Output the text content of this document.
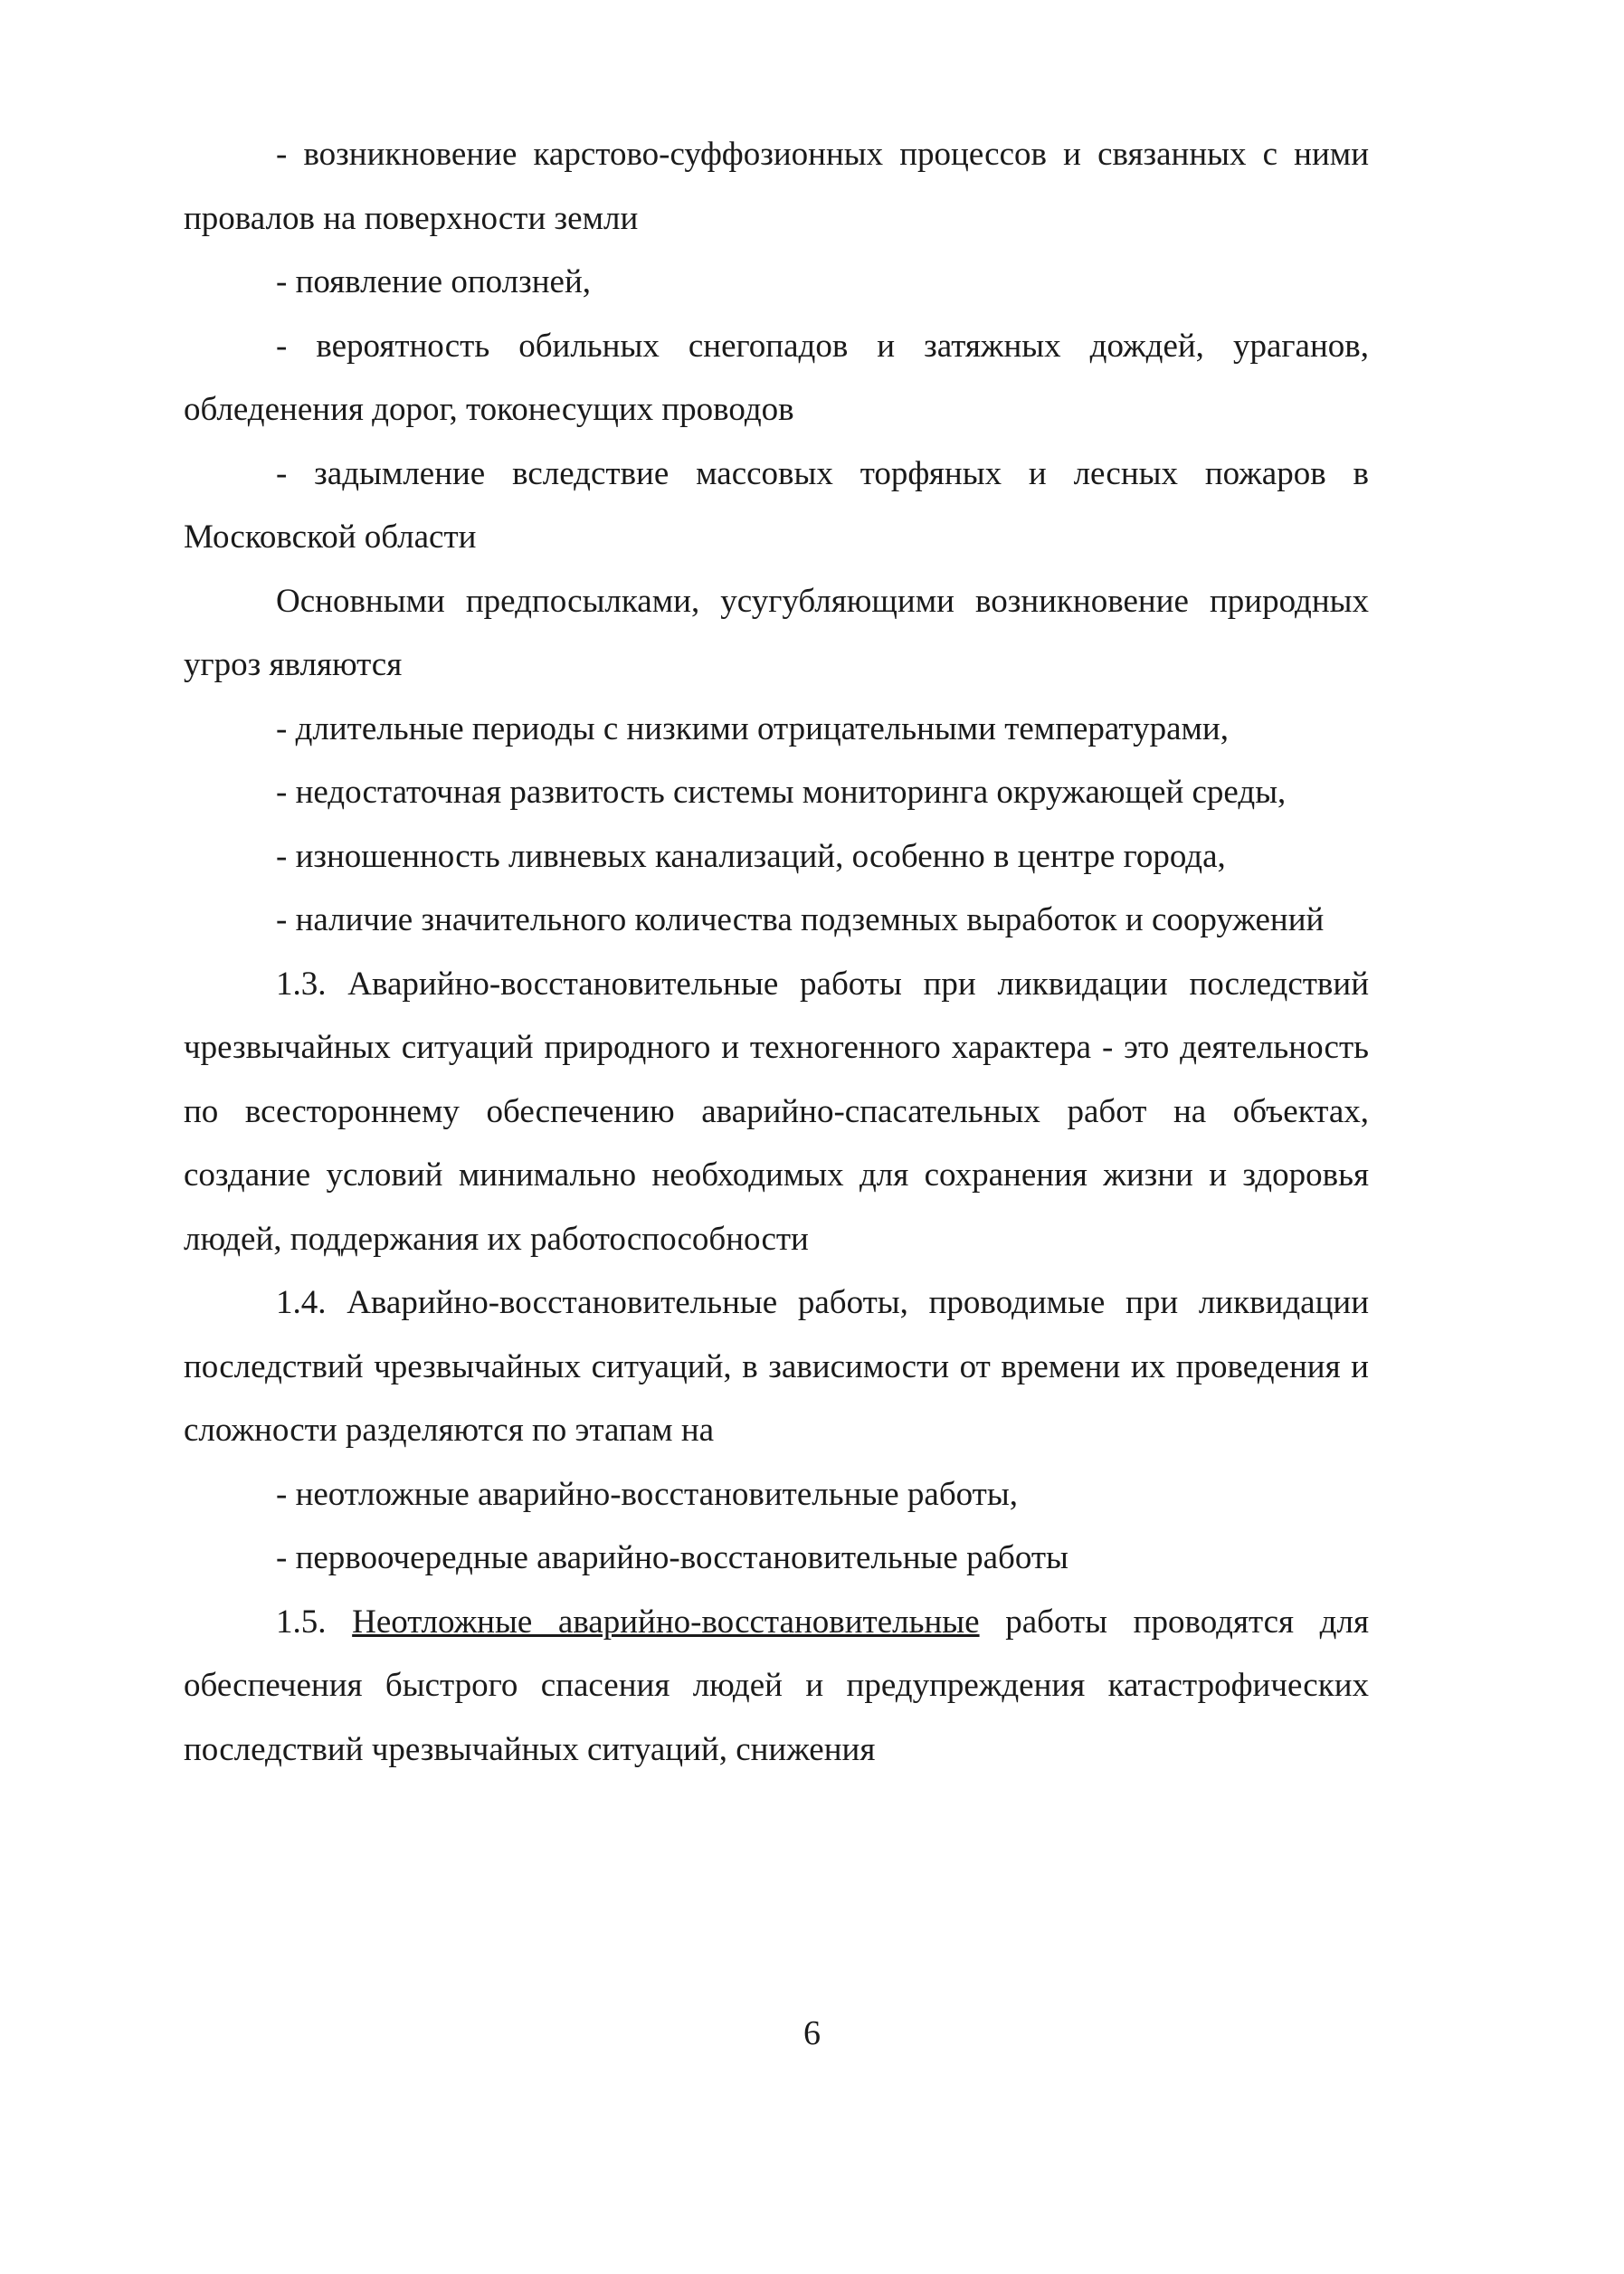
- возникновение карстово-суффозионных процессов и связанных с ними провалов на поверхности земли

- появление оползней,

- вероятность обильных снегопадов и затяжных дождей, ураганов, обледенения дорог, токонесущих проводов

- задымление вследствие массовых торфяных и лесных пожаров в Московской области

Основными предпосылками, усугубляющими возникновение природных угроз являются

- длительные периоды с низкими отрицательными температурами,

- недостаточная развитость системы мониторинга окружающей среды,

- изношенность ливневых канализаций, особенно в центре города,

- наличие значительного количества подземных выработок и сооружений

1.3. Аварийно-восстановительные работы при ликвидации последствий чрезвычайных ситуаций природного и техногенного характера - это деятельность по всестороннему обеспечению аварийно-спасательных работ на объектах, создание условий минимально необходимых для сохранения жизни и здоровья людей, поддержания их работоспособности

1.4. Аварийно-восстановительные работы, проводимые при ликвидации последствий чрезвычайных ситуаций, в зависимости от времени их проведения и сложности разделяются по этапам на

- неотложные аварийно-восстановительные работы,

- первоочередные аварийно-восстановительные работы

1.5. Неотложные аварийно-восстановительные работы проводятся для обеспечения быстрого спасения людей и предупреждения катастрофических последствий чрезвычайных ситуаций, снижения

6
